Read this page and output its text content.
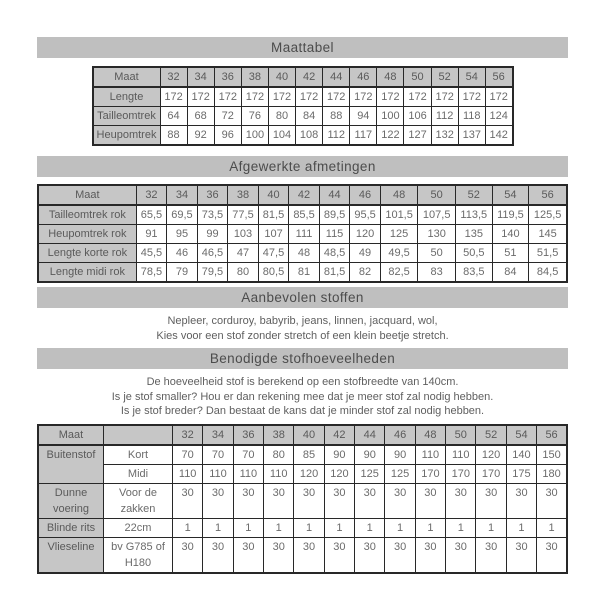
Maattabel
Maat	32	34	36	38	40	42	44	46	48	50	52	54	56
Lengte	172	172	172	172	172	172	172	172	172	172	172	172	172
Tailleomtrek	64	68	72	76	80	84	88	94	100	106	112	118	124
Heupomtrek	88	92	96	100	104	108	112	117	122	127	132	137	142
Afgewerkte afmetingen
Maat	32	34	36	38	40	42	44	46	48	50	52	54	56
Tailleomtrek rok	65,5	69,5	73,5	77,5	81,5	85,5	89,5	95,5	101,5	107,5	113,5	119,5	125,5
Heupomtrek rok	91	95	99	103	107	111	115	120	125	130	135	140	145
Lengte korte rok	45,5	46	46,5	47	47,5	48	48,5	49	49,5	50	50,5	51	51,5
Lengte midi rok	78,5	79	79,5	80	80,5	81	81,5	82	82,5	83	83,5	84	84,5
Aanbevolen stoffen

Nepleer, corduroy, babyrib, jeans, linnen, jacquard, wol,

Kies voor een stof zonder stretch of een klein beetje stretch.

Benodigde stofhoeveelheden

De hoeveelheid stof is berekend op een stofbreedte van 140cm.

Is je stof smaller? Hou er dan rekening mee dat je meer stof zal nodig hebben.

Is je stof breder? Dan bestaat de kans dat je minder stof zal nodig hebben.

Maat		32	34	36	38	40	42	44	46	48	50	52	54	56
Buitenstof	Kort	70	70	70	80	85	90	90	90	110	110	120	140	150
	Midi	110	110	110	110	120	120	125	125	170	170	170	175	180
Dunne voering	Voor de zakken	30	30	30	30	30	30	30	30	30	30	30	30	30
Blinde rits	22cm	1	1	1	1	1	1	1	1	1	1	1	1	1
Vlieseline	bv G785 of H180	30	30	30	30	30	30	30	30	30	30	30	30	30
